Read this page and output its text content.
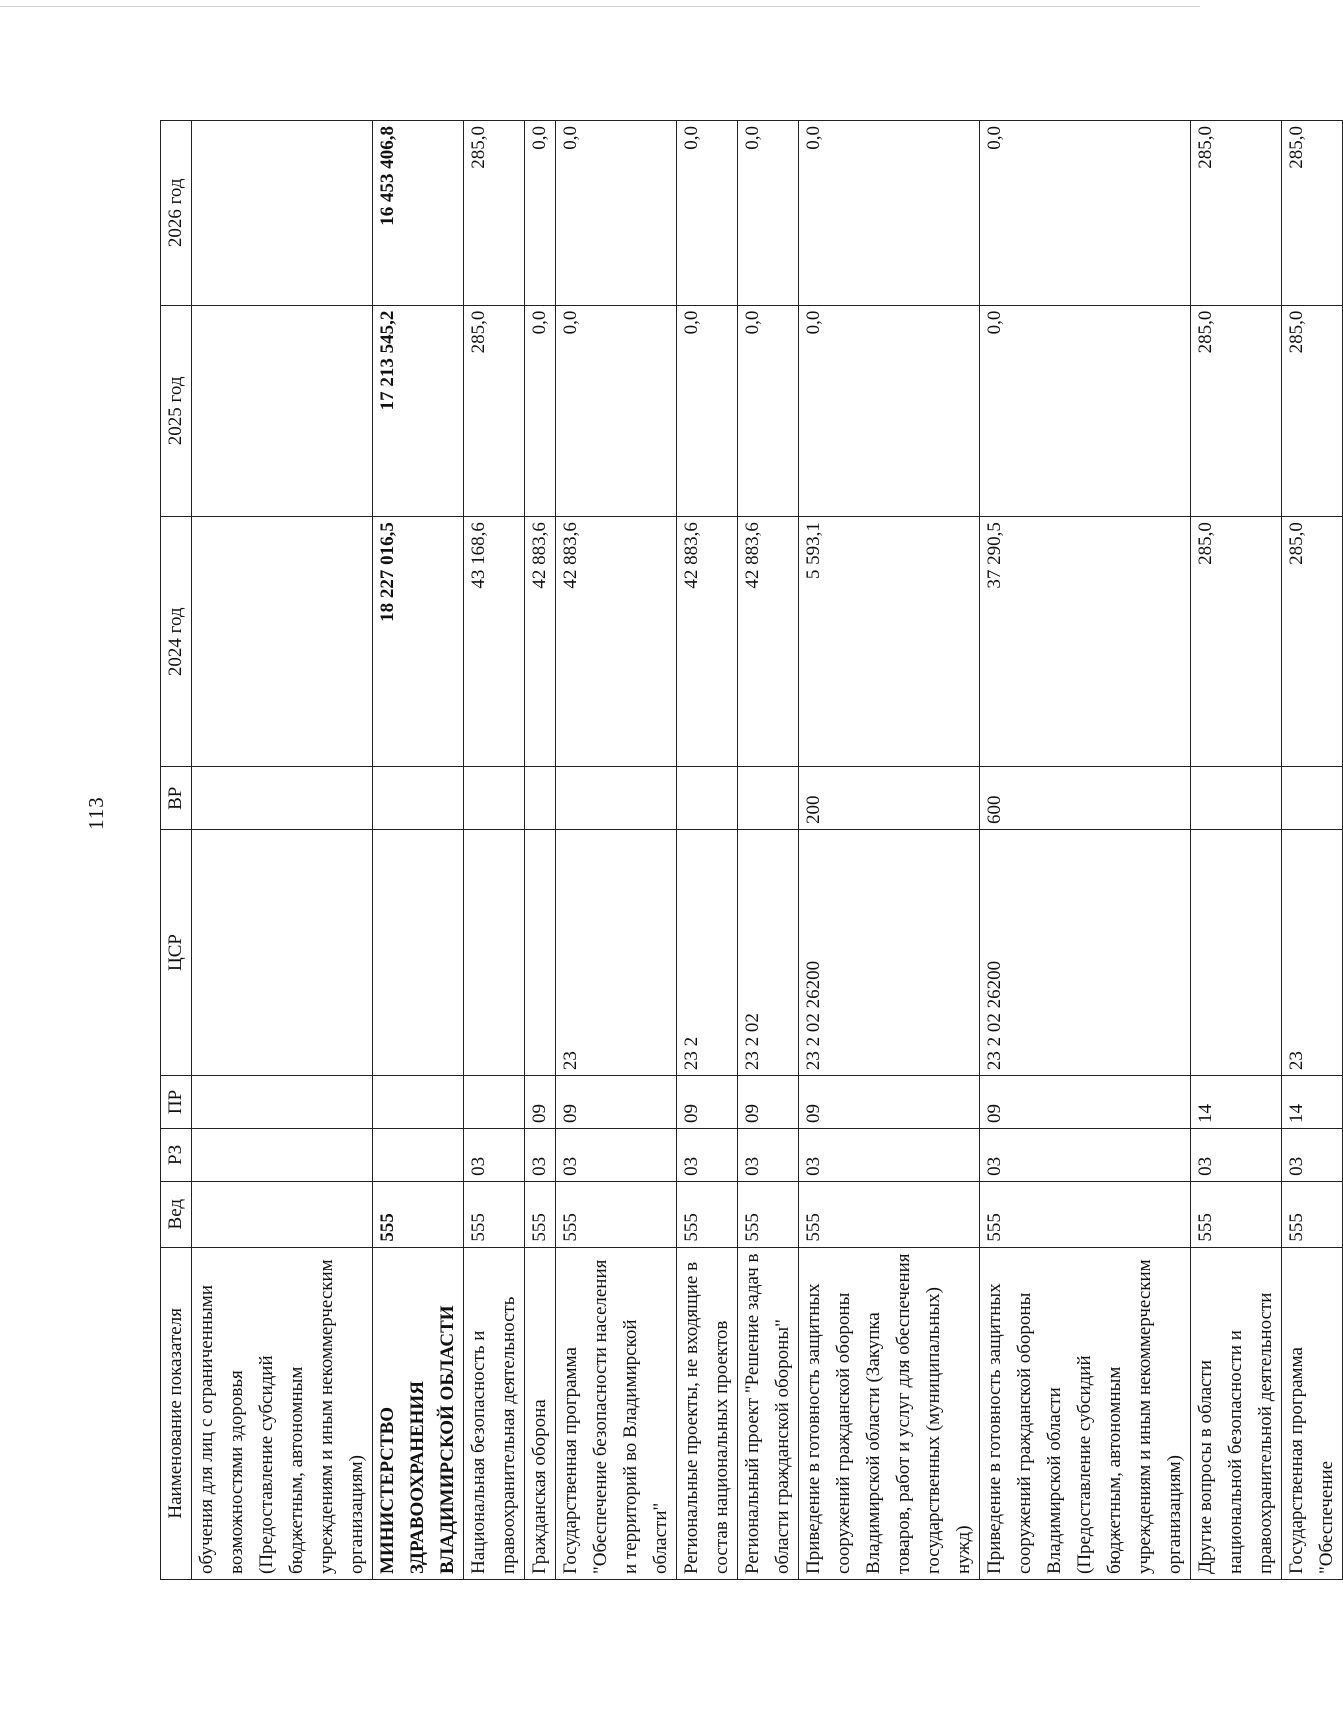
113
Наименование показателя	Вед	РЗ	ПР	ЦСР	ВР	2024 год	2025 год	2026 год
обучения для лиц с ограниченными возможностями здоровья (Предоставление субсидий бюджетным, автономным учреждениям и иным некоммерческим организациям)								
МИНИСТЕРСТВО ЗДРАВООХРАНЕНИЯ ВЛАДИМИРСКОЙ ОБЛАСТИ	555					18 227 016,5	17 213 545,2	16 453 406,8
Национальная безопасность и правоохранительная деятельность	555	03				43 168,6	285,0	285,0
Гражданская оборона	555	03	09			42 883,6	0,0	0,0
Государственная программа "Обеспечение безопасности населения и территорий во Владимирской области"	555	03	09	23		42 883,6	0,0	0,0
Региональные проекты, не входящие в состав национальных проектов	555	03	09	23 2		42 883,6	0,0	0,0
Региональный проект "Решение задач в области гражданской обороны"	555	03	09	23 2 02		42 883,6	0,0	0,0
Приведение в готовность защитных сооружений гражданской обороны Владимирской области (Закупка товаров, работ и услуг для обеспечения государственных (муниципальных) нужд)	555	03	09	23 2 02 26200	200	5 593,1	0,0	0,0
Приведение в готовность защитных сооружений гражданской обороны Владимирской области (Предоставление субсидий бюджетным, автономным учреждениям и иным некоммерческим организациям)	555	03	09	23 2 02 26200	600	37 290,5	0,0	0,0
Другие вопросы в области национальной безопасности и правоохранительной деятельности	555	03	14			285,0	285,0	285,0
Государственная программа "Обеспечение	555	03	14	23		285,0	285,0	285,0
